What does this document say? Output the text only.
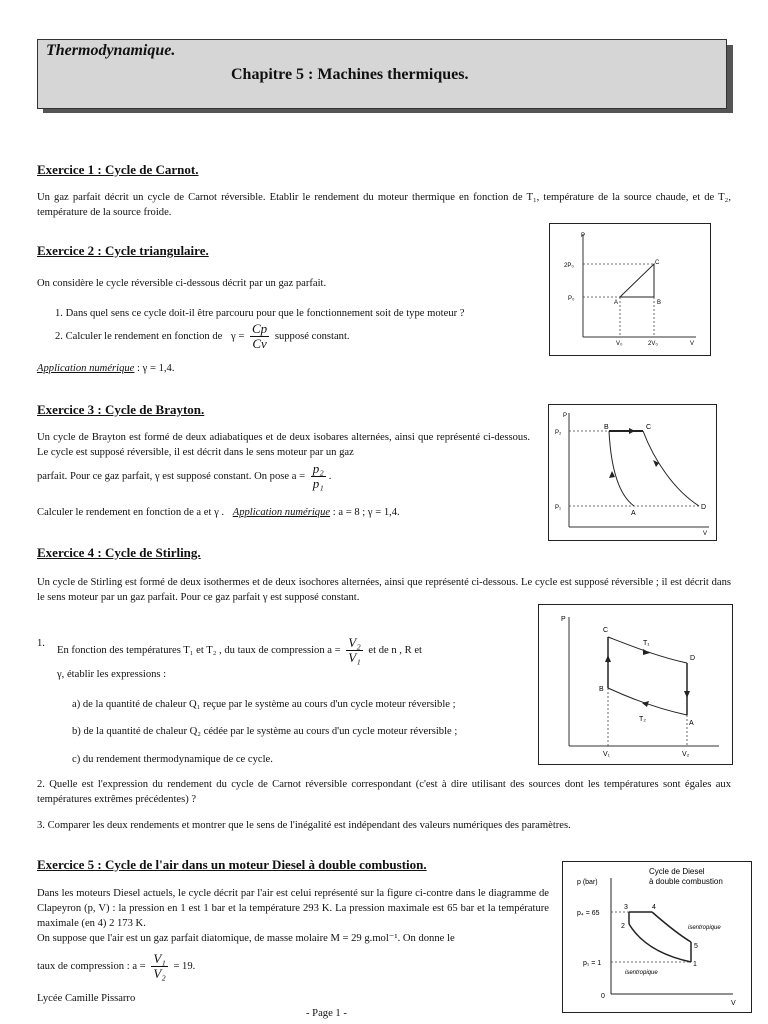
Thermodynamique.
Chapitre 5 : Machines thermiques.
Exercice 1 : Cycle de Carnot.
Un gaz parfait décrit un cycle de Carnot réversible. Etablir le rendement du moteur thermique en fonction de T₁, température de la source chaude, et de T₂, température de la source froide.
Exercice 2 : Cycle triangulaire.
On considère le cycle réversible ci-dessous décrit par un gaz parfait.
1. Dans quel sens ce cycle doit-il être parcouru pour que le fonctionnement soit de type moteur ?
2. Calculer le rendement en fonction de $\gamma = \frac{Cp}{Cv}$ supposé constant.
Application numérique : γ = 1,4.
P
2P₀
P₀
V₀	2V₀	V
A	B
C
Exercice 3 : Cycle de Brayton.
Un cycle de Brayton est formé de deux adiabatiques et de deux isobares alternées, ainsi que représenté ci-dessous. Le cycle est supposé réversible, il est décrit dans le sens moteur par un gaz
parfait. Pour ce gaz parfait, γ est supposé constant. On pose $a = \frac{\text{p₂}}{\text{p₁}}$ .
Calculer le rendement en fonction de a et γ . Application numérique : a = 8 ; γ = 1,4.
P
P₂
P₁
V
B	C
D
A
Exercice 4 : Cycle de Stirling.
Un cycle de Stirling est formé de deux isothermes et de deux isochores alternées, ainsi que représenté ci-dessous. Le cycle est supposé réversible ; il est décrit dans le sens moteur par un gaz parfait. Pour ce gaz parfait γ est supposé constant.
1.
En fonction des températures T₁ et T₂ , du taux de compression $a = \frac{\text{V₂}}{\text{V₁}}$ et de n , R et
γ, établir les expressions :
a) de la quantité de chaleur Q₁ reçue par le système au cours d'un cycle moteur réversible ;
b) de la quantité de chaleur Q₂ cédée par le système au cours d'un cycle moteur réversible ;
c) du rendement thermodynamique de ce cycle.
2. Quelle est l'expression du rendement du cycle de Carnot réversible correspondant (c'est à dire utilisant des sources dont les températures sont égales aux températures extrêmes précédentes) ?
3. Comparer les deux rendements et montrer que le sens de l'inégalité est indépendant des valeurs numériques des paramètres.
P
C
D
B
A
T₁
T₂
V₁	V₂
Exercice 5 : Cycle de l'air dans un moteur Diesel à double combustion.
Dans les moteurs Diesel actuels, le cycle décrit par l'air est celui représenté sur la figure ci-contre dans le diagramme de Clapeyron (p, V) : la pression en 1 est 1 bar et la température 293 K. La pression maximale est 65 bar et la température maximale (en 4) 2 173 K.
On suppose que l'air est un gaz parfait diatomique, de masse molaire M = 29 g.mol⁻¹. On donne le
taux de compression : $a = \frac{\text{V₁}}{\text{V₂}} = 19$.
Cycle de Diesel
à double combustion
p (bar)
p₄ = 65
p₁ = 1
0
V
1
2
3	4
5
isentropique
isentropique
Lycée Camille Pissarro
- Page 1 -
